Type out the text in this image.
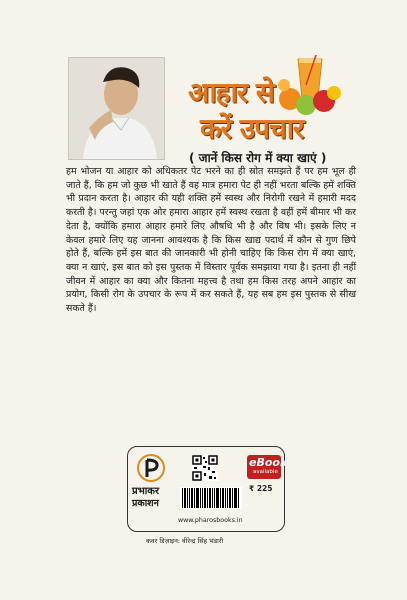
आहार से
करें उपचार
( जानें किस रोग में क्या खाएं )
हम भोजन या आहार को अधिकतर पेट भरने का ही स्रोत समझते हैं पर हम भूल ही जाते हैं, कि हम जो कुछ भी खाते हैं वह मात्र हमारा पेट ही नहीं भरता बल्कि हमें शक्ति भी प्रदान करता है। आहार की यही शक्ति हमें स्वस्थ और निरोगी रखने में हमारी मदद करती है। परन्तु जहां एक ओर हमारा आहार हमें स्वस्थ रखता है वहीं हमें बीमार भी कर देता है, क्योंकि हमारा आहार हमारे लिए औषधि भी है और विष भी। इसके लिए न केवल हमारे लिए यह जानना आवश्यक है कि किस खाद्य पदार्थ में कौन से गुण छिपे होते हैं, बल्कि हमें इस बात की जानकारी भी होनी चाहिए कि किस रोग में क्या खाएं, क्या न खाएं, इस बात को इस पुस्तक में विस्तार पूर्वक समझाया गया है। इतना ही नहीं जीवन में आहार का क्या और कितना महत्त्व है तथा हम किस तरह अपने आहार का प्रयोग, किसी रोग के उपचार के रूप में कर सकते हैं, यह सब हम इस पुस्तक से सीख सकते हैं।
प्रभाकर
प्रकाशन
eBook
available
₹ 225
www.pharosbooks.in
कवर डिज़ाइन: वीरेन्द्र सिंह भंडारी
